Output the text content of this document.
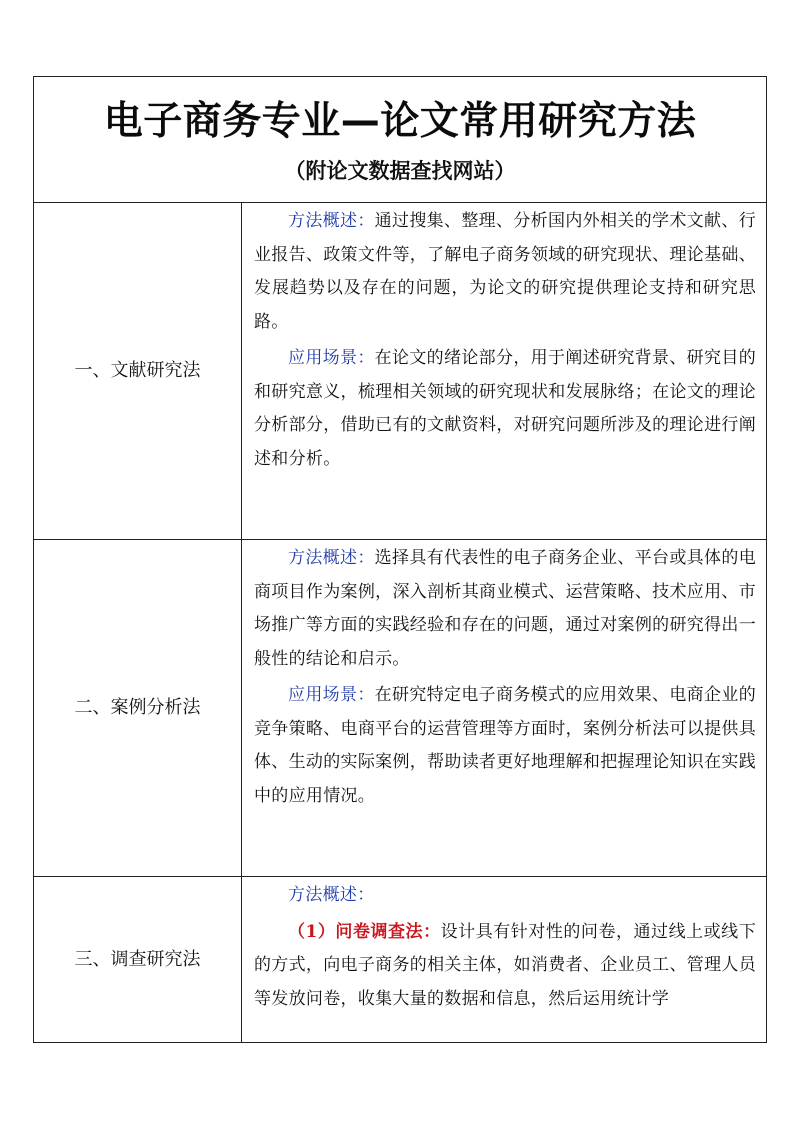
电子商务专业—论文常用研究方法
（附论文数据查找网站）
一、文献研究法

方法概述：通过搜集、整理、分析国内外相关的学术文献、行业报告、政策文件等，了解电子商务领域的研究现状、理论基础、发展趋势以及存在的问题，为论文的研究提供理论支持和研究思路。

应用场景：在论文的绪论部分，用于阐述研究背景、研究目的和研究意义，梳理相关领域的研究现状和发展脉络；在论文的理论分析部分，借助已有的文献资料，对研究问题所涉及的理论进行阐述和分析。

二、案例分析法

方法概述：选择具有代表性的电子商务企业、平台或具体的电商项目作为案例，深入剖析其商业模式、运营策略、技术应用、市场推广等方面的实践经验和存在的问题，通过对案例的研究得出一般性的结论和启示。

应用场景：在研究特定电子商务模式的应用效果、电商企业的竞争策略、电商平台的运营管理等方面时，案例分析法可以提供具体、生动的实际案例，帮助读者更好地理解和把握理论知识在实践中的应用情况。

三、调查研究法

方法概述：

（1）问卷调查法：设计具有针对性的问卷，通过线上或线下的方式，向电子商务的相关主体，如消费者、企业员工、管理人员等发放问卷，收集大量的数据和信息，然后运用统计学
